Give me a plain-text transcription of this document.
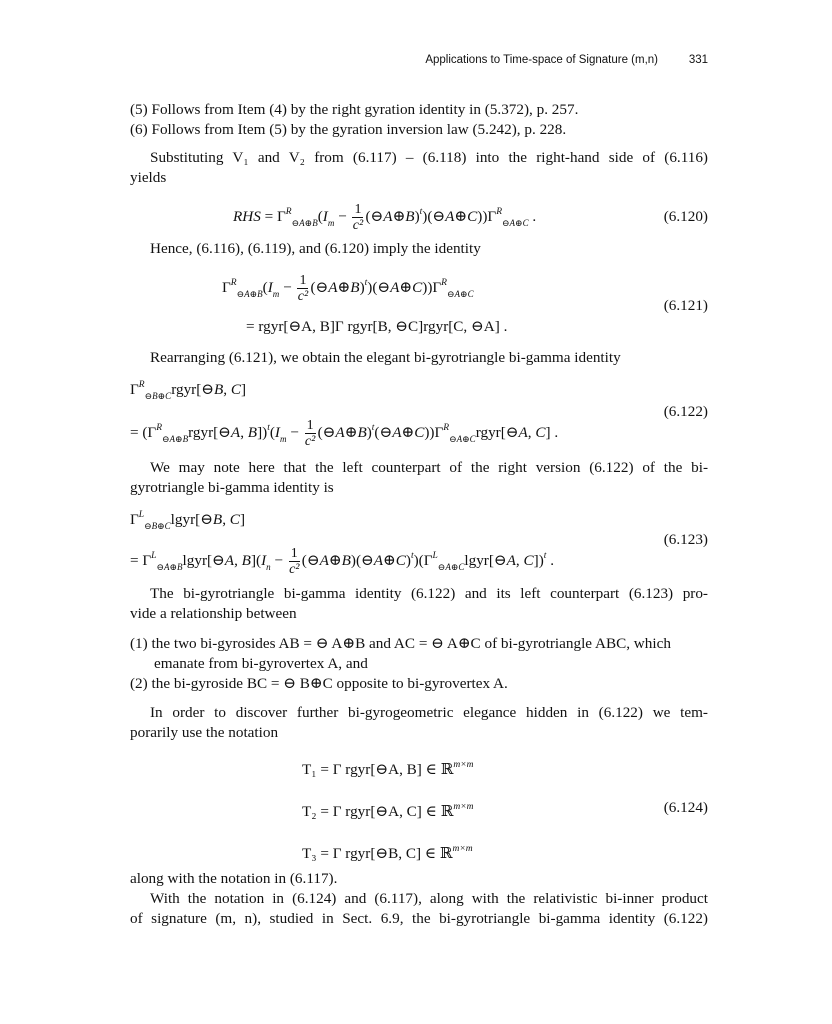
Applications to Time-space of Signature (m,n)	331
(5) Follows from Item (4) by the right gyration identity in (5.372), p. 257.
(6) Follows from Item (5) by the gyration inversion law (5.242), p. 228.
Substituting V₁ and V₂ from (6.117) – (6.118) into the right-hand side of (6.116)
yields
RHS = $\Gamma^R_{⊖A\oplus B}(I_m - \frac{1}{\text{c²}}$ $(⊖A\oplus B)^t)(⊖A\oplus C))\Gamma^R_{⊖A\oplus C}$ .	(6.120)
Hence, (6.116), (6.119), and (6.120) imply the identity
$\Gamma^R_{⊖A\oplus B}(I_m - \frac{1}{\text{c²}}$ $(⊖A\oplus B)^t)(⊖A\oplus C))\Gamma^R_{⊖A\oplus C}$
= rgyr[⊖A, B]Γ rgyr[B, ⊖C]rgyr[C, ⊖A] .
(6.121)
Rearranging (6.121), we obtain the elegant bi-gyrotriangle bi-gamma identity
$\Gamma^R_{⊖B\oplus C}rgyr[⊖B$, C]
= ($\Gamma^R_{⊖A\oplus B}rgyr[⊖A$, $B])^t(I_m - \frac{1}{\text{c²}}$ $(⊖A\oplus B)^t(⊖A\oplus C))\Gamma^R_{⊖A\oplus C}rgyr[⊖A$, C] .
(6.122)
We may note here that the left counterpart of the right version (6.122) of the bi-
gyrotriangle bi-gamma identity is
$\Gamma^L_{⊖B\oplus C}lgyr[⊖B$, C]
= $\Gamma^L_{⊖A\oplus B}lgyr[⊖A$, $B](I_n - \frac{1}{\text{c²}}$ $(⊖A\oplus B)(⊖A\oplus C)^t)(\Gamma^L_{⊖A\oplus C}lgyr[⊖A$, C])$^t$ .
(6.123)
The bi-gyrotriangle bi-gamma identity (6.122) and its left counterpart (6.123) pro-
vide a relationship between
(1) the two bi-gyrosides AB = ⊖ A⊕B and AC = ⊖ A⊕C of bi-gyrotriangle ABC, which
emanate from bi-gyrovertex A, and
(2) the bi-gyroside BC = ⊖ B⊕C opposite to bi-gyrovertex A.
In order to discover further bi-gyrogeometric elegance hidden in (6.122) we tem-
porarily use the notation
T₁ = Γ rgyr[⊖A, B] ∈ ℝ$^{m\times m}$
T₂ = Γ rgyr[⊖A, C] ∈ ℝ$^{m\times m}$
T₃ = Γ rgyr[⊖B, C] ∈ ℝ$^{m\times m}$
(6.124)
along with the notation in (6.117).
With the notation in (6.124) and (6.117), along with the relativistic bi-inner product
of signature (m, n), studied in Sect. 6.9, the bi-gyrotriangle bi-gamma identity (6.122)
